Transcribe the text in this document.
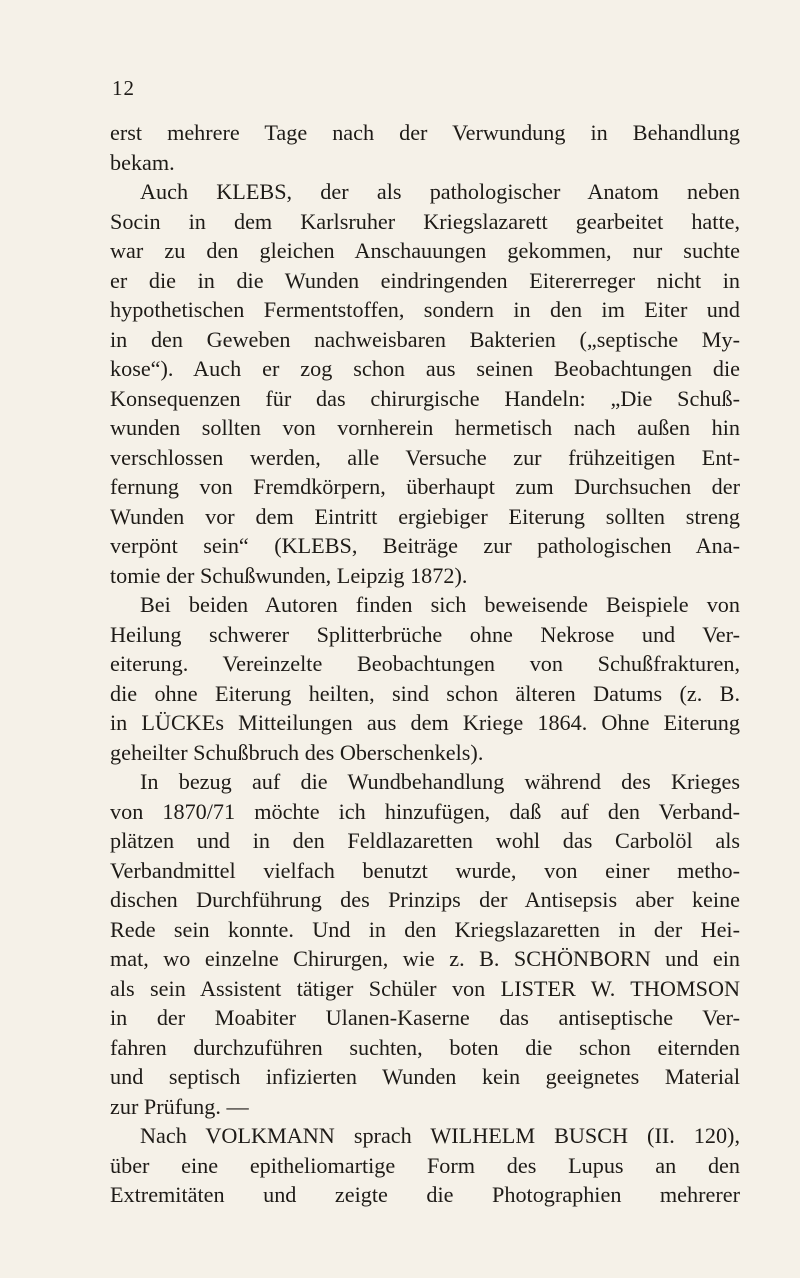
12
erst mehrere Tage nach der Verwundung in Behandlung
bekam.
Auch KLEBS, der als pathologischer Anatom neben
Socin in dem Karlsruher Kriegslazarett gearbeitet hatte,
war zu den gleichen Anschauungen gekommen, nur suchte
er die in die Wunden eindringenden Eitererreger nicht in
hypothetischen Fermentstoffen, sondern in den im Eiter und
in den Geweben nachweisbaren Bakterien („septische My-
kose“). Auch er zog schon aus seinen Beobachtungen die
Konsequenzen für das chirurgische Handeln: „Die Schuß-
wunden sollten von vornherein hermetisch nach außen hin
verschlossen werden, alle Versuche zur frühzeitigen Ent-
fernung von Fremdkörpern, überhaupt zum Durchsuchen der
Wunden vor dem Eintritt ergiebiger Eiterung sollten streng
verpönt sein“ (KLEBS, Beiträge zur pathologischen Ana-
tomie der Schußwunden, Leipzig 1872).
Bei beiden Autoren finden sich beweisende Beispiele von
Heilung schwerer Splitterbrüche ohne Nekrose und Ver-
eiterung. Vereinzelte Beobachtungen von Schußfrakturen,
die ohne Eiterung heilten, sind schon älteren Datums (z. B.
in LÜCKEs Mitteilungen aus dem Kriege 1864. Ohne Eiterung
geheilter Schußbruch des Oberschenkels).
In bezug auf die Wundbehandlung während des Krieges
von 1870/71 möchte ich hinzufügen, daß auf den Verband-
plätzen und in den Feldlazaretten wohl das Carbolöl als
Verbandmittel vielfach benutzt wurde, von einer metho-
dischen Durchführung des Prinzips der Antisepsis aber keine
Rede sein konnte. Und in den Kriegslazaretten in der Hei-
mat, wo einzelne Chirurgen, wie z. B. SCHÖNBORN und ein
als sein Assistent tätiger Schüler von LISTER W. THOMSON
in der Moabiter Ulanen-Kaserne das antiseptische Ver-
fahren durchzuführen suchten, boten die schon eiternden
und septisch infizierten Wunden kein geeignetes Material
zur Prüfung. —
Nach VOLKMANN sprach WILHELM BUSCH (II. 120),
über eine epitheliomartige Form des Lupus an den
Extremitäten und zeigte die Photographien mehrerer
